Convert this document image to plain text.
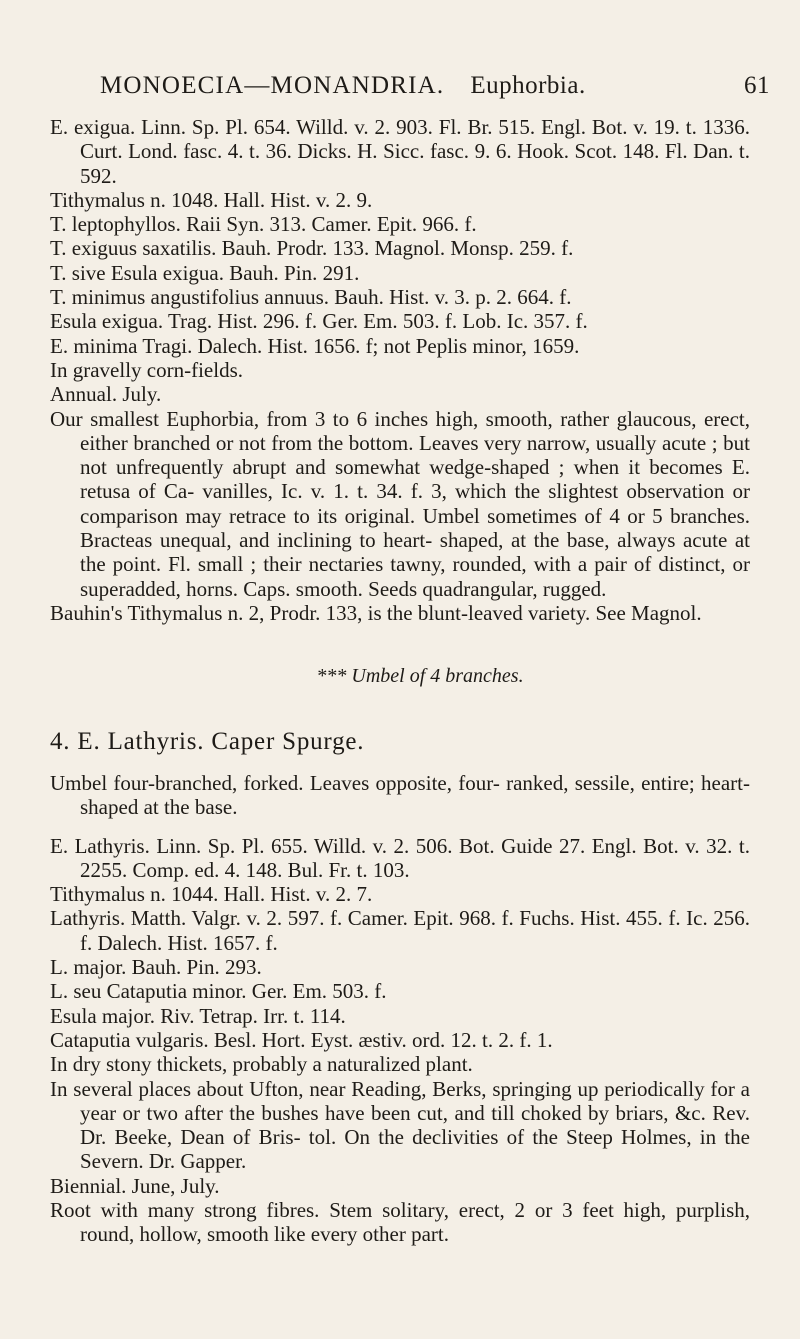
MONOECIA—MONANDRIA. Euphorbia.	61

E. exigua. Linn. Sp. Pl. 654. Willd. v. 2. 903. Fl. Br. 515. Engl. Bot. v. 19. t. 1336. Curt. Lond. fasc. 4. t. 36. Dicks. H. Sicc. fasc. 9. 6. Hook. Scot. 148. Fl. Dan. t. 592.

Tithymalus n. 1048. Hall. Hist. v. 2. 9.

T. leptophyllos. Raii Syn. 313. Camer. Epit. 966. f.

T. exiguus saxatilis. Bauh. Prodr. 133. Magnol. Monsp. 259. f.

T. sive Esula exigua. Bauh. Pin. 291.

T. minimus angustifolius annuus. Bauh. Hist. v. 3. p. 2. 664. f.

Esula exigua. Trag. Hist. 296. f. Ger. Em. 503. f. Lob. Ic. 357. f.

E. minima Tragi. Dalech. Hist. 1656. f; not Peplis minor, 1659.

In gravelly corn-fields.

Annual. July.

Our smallest Euphorbia, from 3 to 6 inches high, smooth, rather glaucous, erect, either branched or not from the bottom. Leaves very narrow, usually acute ; but not unfrequently abrupt and somewhat wedge-shaped ; when it becomes E. retusa of Ca- vanilles, Ic. v. 1. t. 34. f. 3, which the slightest observation or comparison may retrace to its original. Umbel sometimes of 4 or 5 branches. Bracteas unequal, and inclining to heart- shaped, at the base, always acute at the point. Fl. small ; their nectaries tawny, rounded, with a pair of distinct, or superadded, horns. Caps. smooth. Seeds quadrangular, rugged.

Bauhin's Tithymalus n. 2, Prodr. 133, is the blunt-leaved variety. See Magnol.

*** Umbel of 4 branches.

4. E. Lathyris. Caper Spurge.

Umbel four-branched, forked. Leaves opposite, four- ranked, sessile, entire; heart-shaped at the base.

E. Lathyris. Linn. Sp. Pl. 655. Willd. v. 2. 506. Bot. Guide 27. Engl. Bot. v. 32. t. 2255. Comp. ed. 4. 148. Bul. Fr. t. 103.

Tithymalus n. 1044. Hall. Hist. v. 2. 7.

Lathyris. Matth. Valgr. v. 2. 597. f. Camer. Epit. 968. f. Fuchs. Hist. 455. f. Ic. 256. f. Dalech. Hist. 1657. f.

L. major. Bauh. Pin. 293.

L. seu Cataputia minor. Ger. Em. 503. f.

Esula major. Riv. Tetrap. Irr. t. 114.

Cataputia vulgaris. Besl. Hort. Eyst. æstiv. ord. 12. t. 2. f. 1.

In dry stony thickets, probably a naturalized plant.

In several places about Ufton, near Reading, Berks, springing up periodically for a year or two after the bushes have been cut, and till choked by briars, &c. Rev. Dr. Beeke, Dean of Bris- tol. On the declivities of the Steep Holmes, in the Severn. Dr. Gapper.

Biennial. June, July.

Root with many strong fibres. Stem solitary, erect, 2 or 3 feet high, purplish, round, hollow, smooth like every other part.
